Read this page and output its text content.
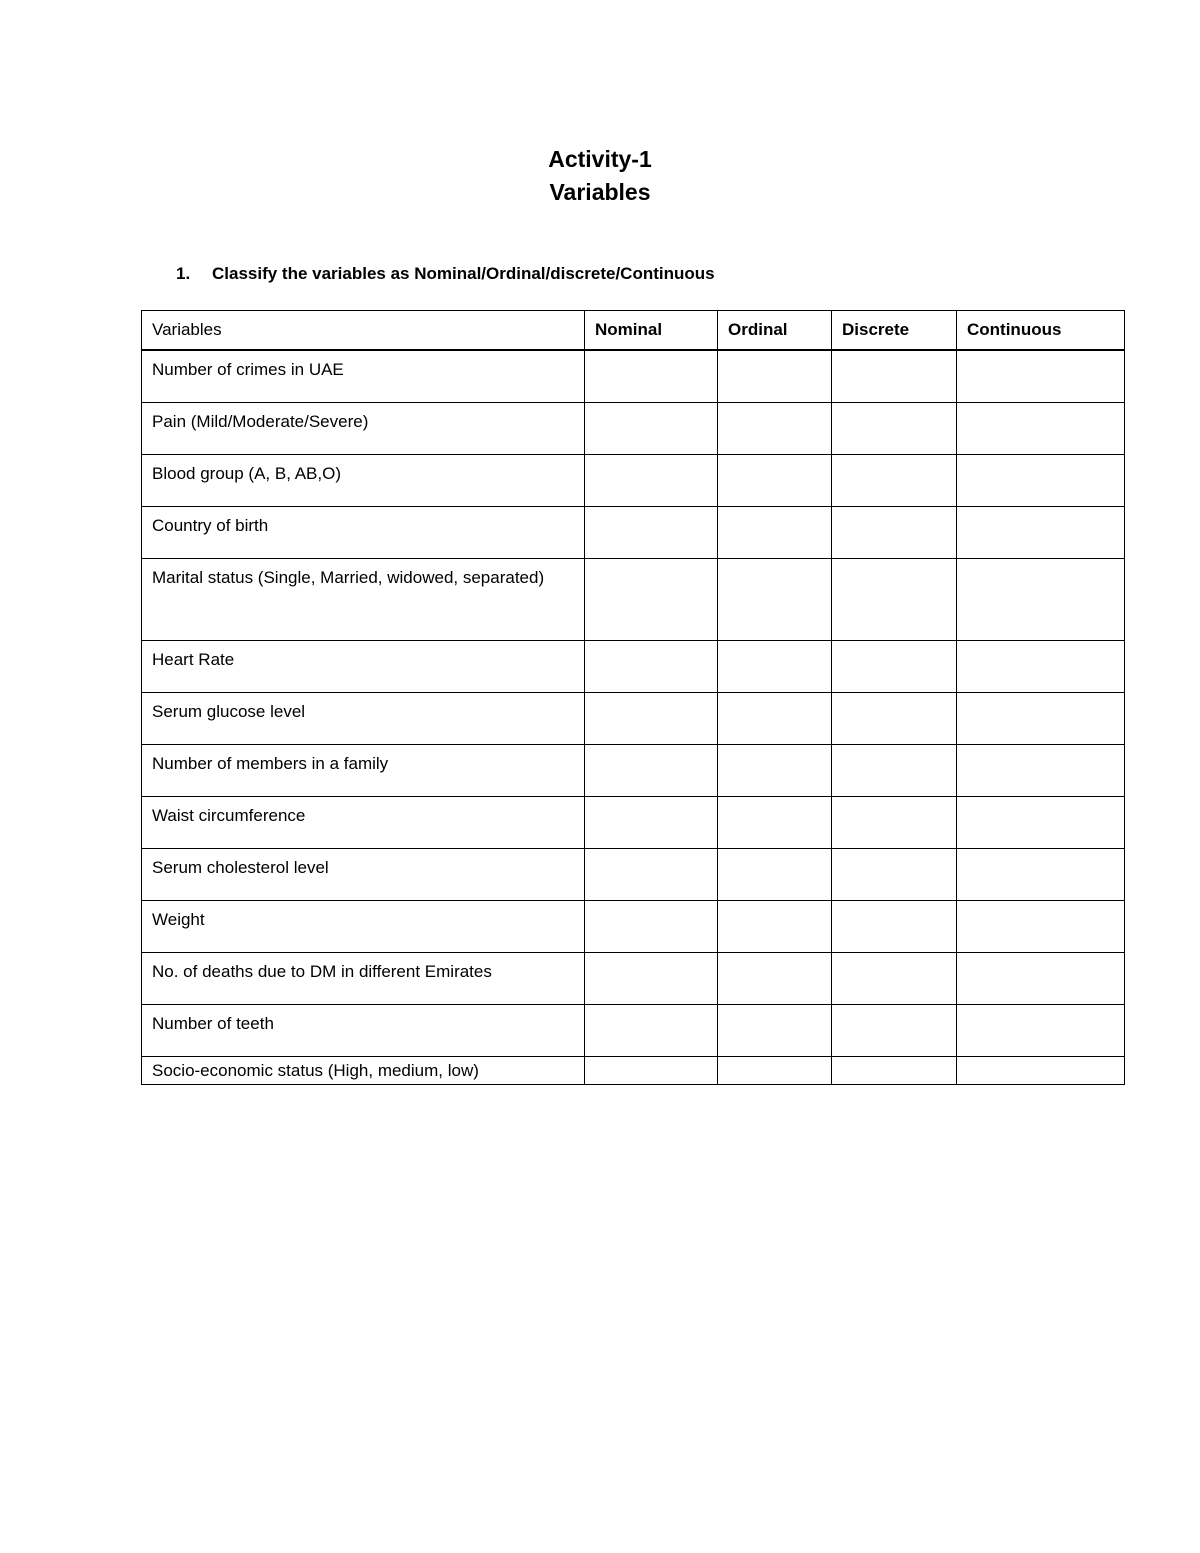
Activity-1
Variables
1. Classify the variables as Nominal/Ordinal/discrete/Continuous
Variables	Nominal	Ordinal	Discrete	Continuous
Number of crimes in UAE				
Pain (Mild/Moderate/Severe)				
Blood group (A, B, AB,O)				
Country of birth				
Marital status (Single, Married, widowed, separated)				
Heart Rate				
Serum glucose level				
Number of members in a family				
Waist circumference				
Serum cholesterol level				
Weight				
No. of deaths due to DM in different Emirates				
Number of teeth				
Socio-economic status (High, medium, low)				
